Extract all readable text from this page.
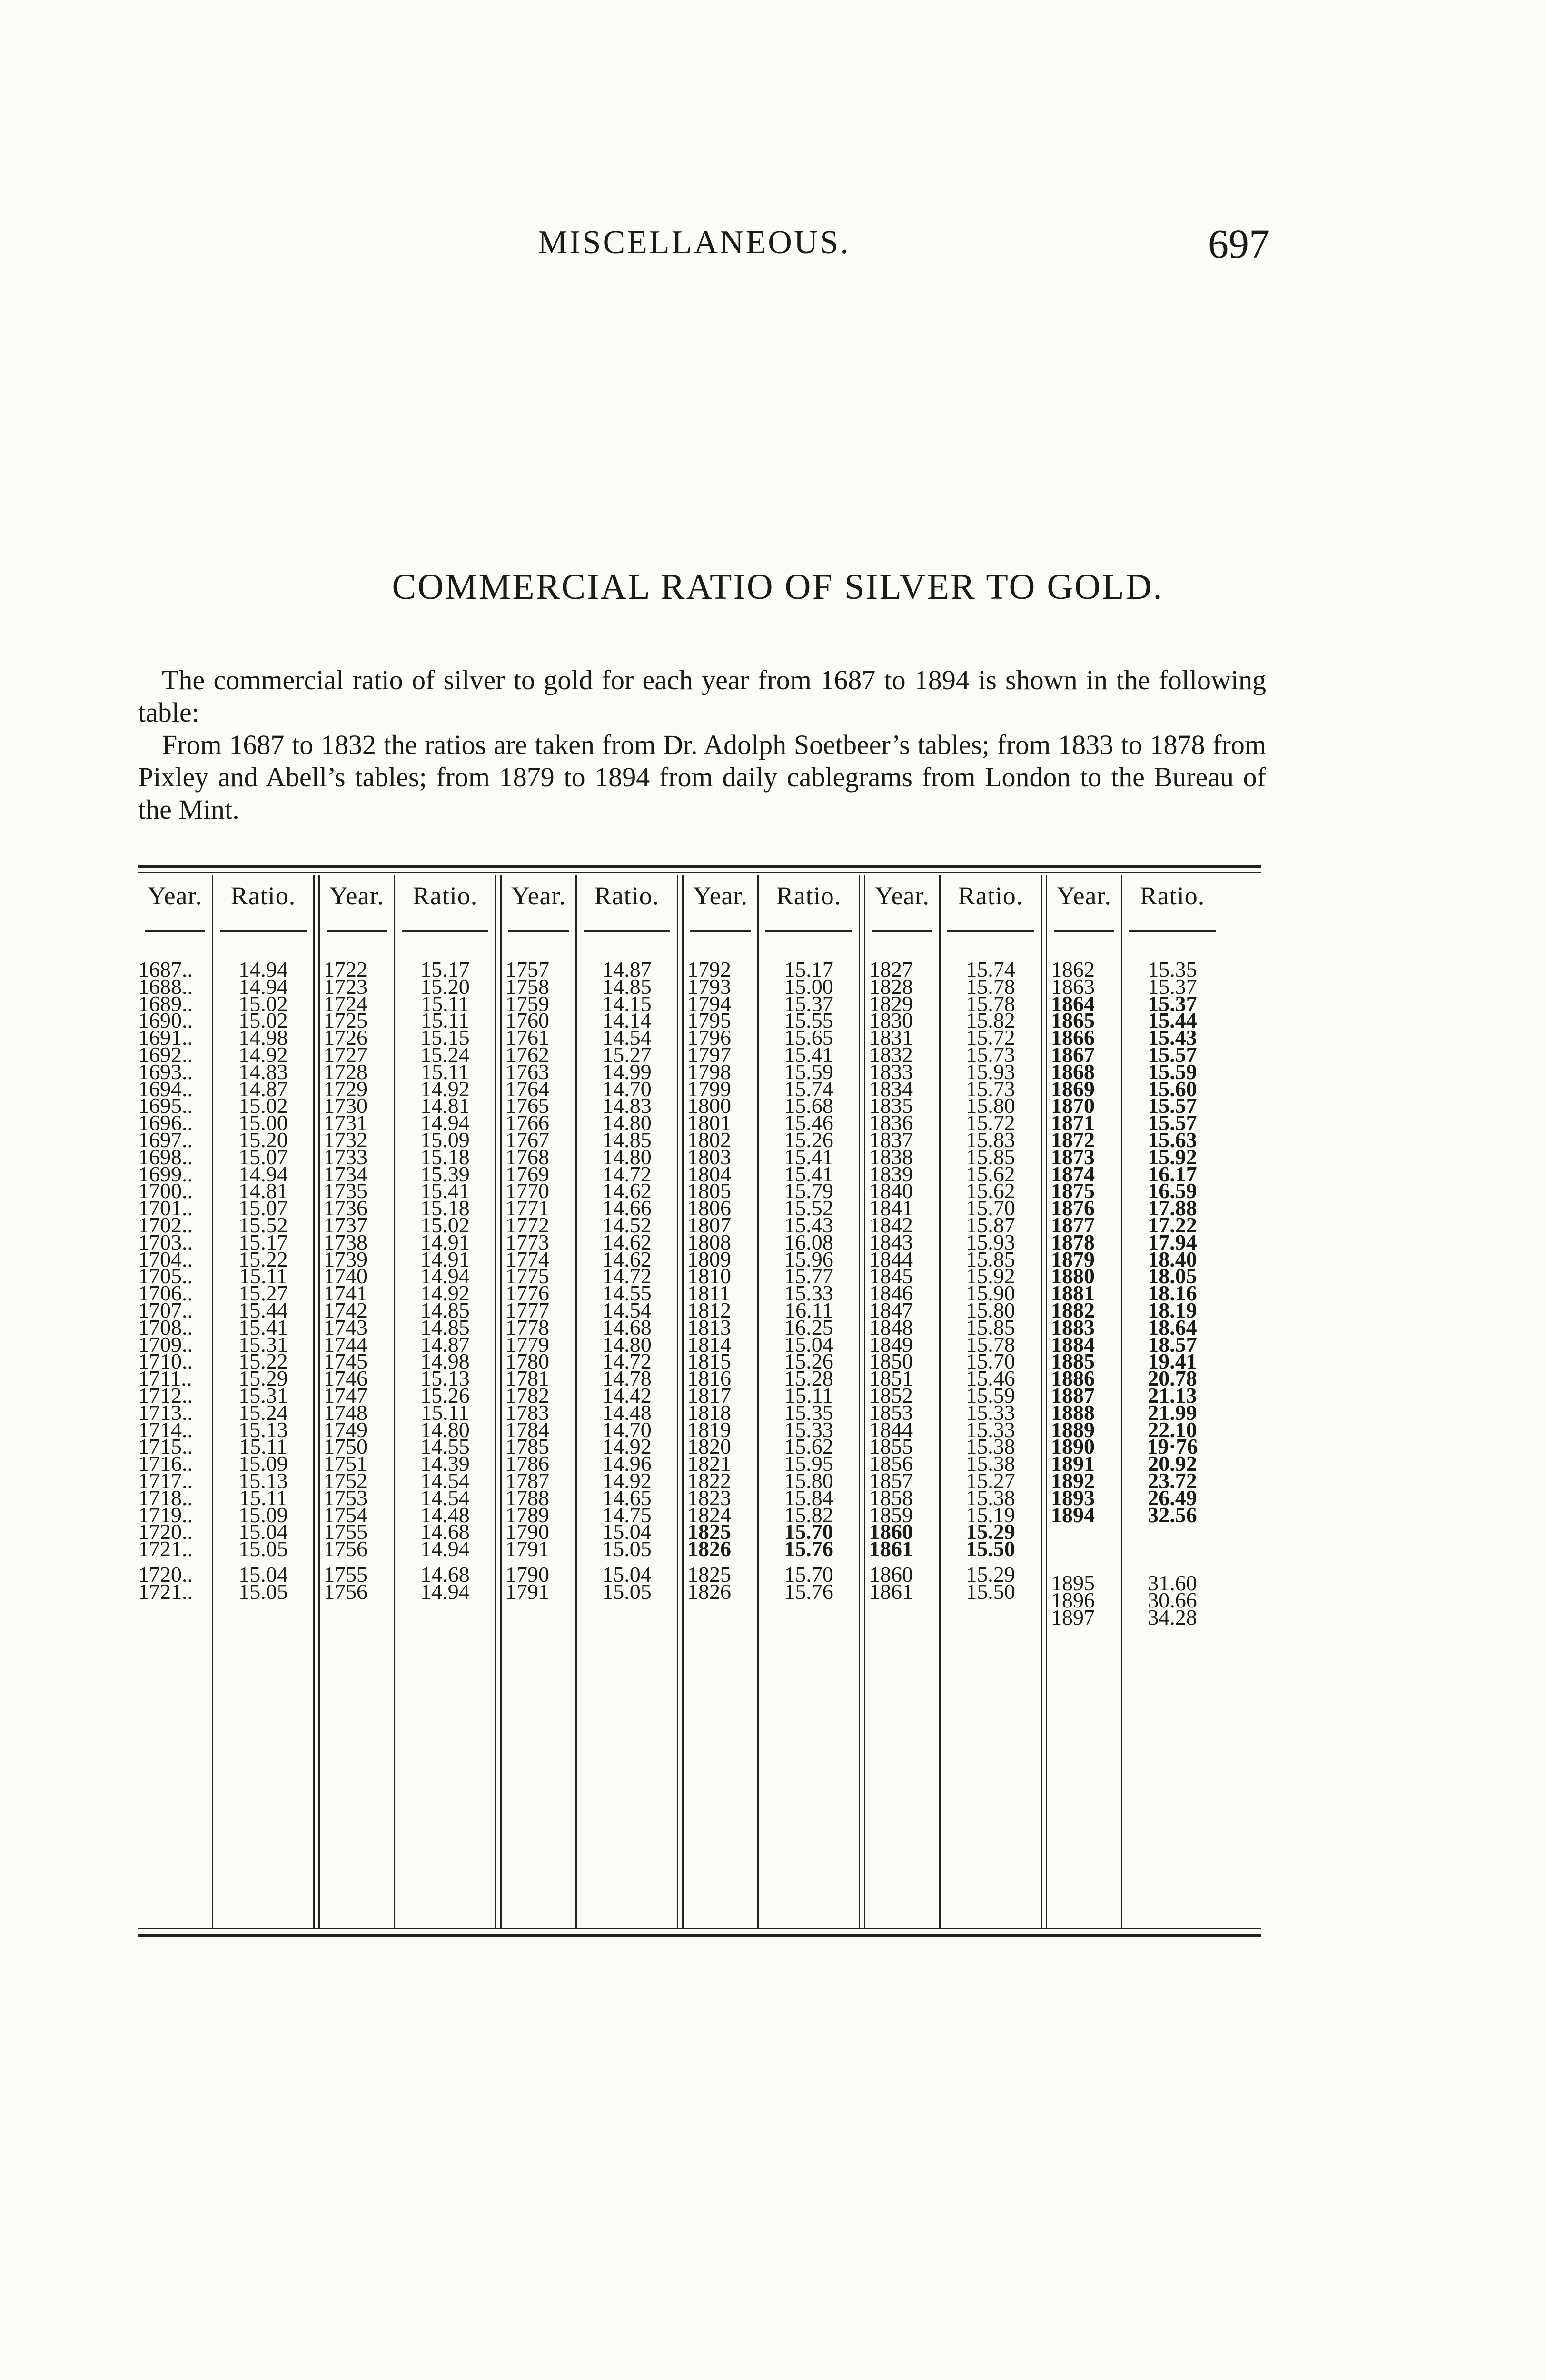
MISCELLANEOUS.	697
COMMERCIAL RATIO OF SILVER TO GOLD.

The commercial ratio of silver to gold for each year from 1687 to 1894 is shown in the following table:

From 1687 to 1832 the ratios are taken from Dr. Adolph Soetbeer’s tables; from 1833 to 1878 from Pixley and Abell’s tables; from 1879 to 1894 from daily cablegrams from London to the Bureau of the Mint.

Year.
1687..
1688..
1689..
1690..
1691..
1692..
1693..
1694..
1695..
1696..
1697..
1698..
1699..
1700..
1701..
1702..
1703..
1704..
1705..
1706..
1707..
1708..
1709..
1710..
1711..
1712..
1713..
1714..
1715..
1716..
1717..
1718..
1719..
1720..
1721..
1720..
1721..
Ratio.
14.94
14.94
15.02
15.02
14.98
14.92
14.83
14.87
15.02
15.00
15.20
15.07
14.94
14.81
15.07
15.52
15.17
15.22
15.11
15.27
15.44
15.41
15.31
15.22
15.29
15.31
15.24
15.13
15.11
15.09
15.13
15.11
15.09
15.04
15.05
15.04
15.05
Year.
1722
1723
1724
1725
1726
1727
1728
1729
1730
1731
1732
1733
1734
1735
1736
1737
1738
1739
1740
1741
1742
1743
1744
1745
1746
1747
1748
1749
1750
1751
1752
1753
1754
1755
1756
1755
1756
Ratio.
15.17
15.20
15.11
15.11
15.15
15.24
15.11
14.92
14.81
14.94
15.09
15.18
15.39
15.41
15.18
15.02
14.91
14.91
14.94
14.92
14.85
14.85
14.87
14.98
15.13
15.26
15.11
14.80
14.55
14.39
14.54
14.54
14.48
14.68
14.94
14.68
14.94
Year.
1757
1758
1759
1760
1761
1762
1763
1764
1765
1766
1767
1768
1769
1770
1771
1772
1773
1774
1775
1776
1777
1778
1779
1780
1781
1782
1783
1784
1785
1786
1787
1788
1789
1790
1791
1790
1791
Ratio.
14.87
14.85
14.15
14.14
14.54
15.27
14.99
14.70
14.83
14.80
14.85
14.80
14.72
14.62
14.66
14.52
14.62
14.62
14.72
14.55
14.54
14.68
14.80
14.72
14.78
14.42
14.48
14.70
14.92
14.96
14.92
14.65
14.75
15.04
15.05
15.04
15.05
Year.
1792
1793
1794
1795
1796
1797
1798
1799
1800
1801
1802
1803
1804
1805
1806
1807
1808
1809
1810
1811
1812
1813
1814
1815
1816
1817
1818
1819
1820
1821
1822
1823
1824
1825
1826
1825
1826
Ratio.
15.17
15.00
15.37
15.55
15.65
15.41
15.59
15.74
15.68
15.46
15.26
15.41
15.41
15.79
15.52
15.43
16.08
15.96
15.77
15.33
16.11
16.25
15.04
15.26
15.28
15.11
15.35
15.33
15.62
15.95
15.80
15.84
15.82
15.70
15.76
15.70
15.76
Year.
1827
1828
1829
1830
1831
1832
1833
1834
1835
1836
1837
1838
1839
1840
1841
1842
1843
1844
1845
1846
1847
1848
1849
1850
1851
1852
1853
1844
1855
1856
1857
1858
1859
1860
1861
1860
1861
Ratio.
15.74
15.78
15.78
15.82
15.72
15.73
15.93
15.73
15.80
15.72
15.83
15.85
15.62
15.62
15.70
15.87
15.93
15.85
15.92
15.90
15.80
15.85
15.78
15.70
15.46
15.59
15.33
15.33
15.38
15.38
15.27
15.38
15.19
15.29
15.50
15.29
15.50
Year.
1862
1863
1864
1865
1866
1867
1868
1869
1870
1871
1872
1873
1874
1875
1876
1877
1878
1879
1880
1881
1882
1883
1884
1885
1886
1887
1888
1889
1890
1891
1892
1893
1894
1895
1896
1897
Ratio.
15.35
15.37
15.37
15.44
15.43
15.57
15.59
15.60
15.57
15.57
15.63
15.92
16.17
16.59
17.88
17.22
17.94
18.40
18.05
18.16
18.19
18.64
18.57
19.41
20.78
21.13
21.99
22.10
19·76
20.92
23.72
26.49
32.56
31.60
30.66
34.28
